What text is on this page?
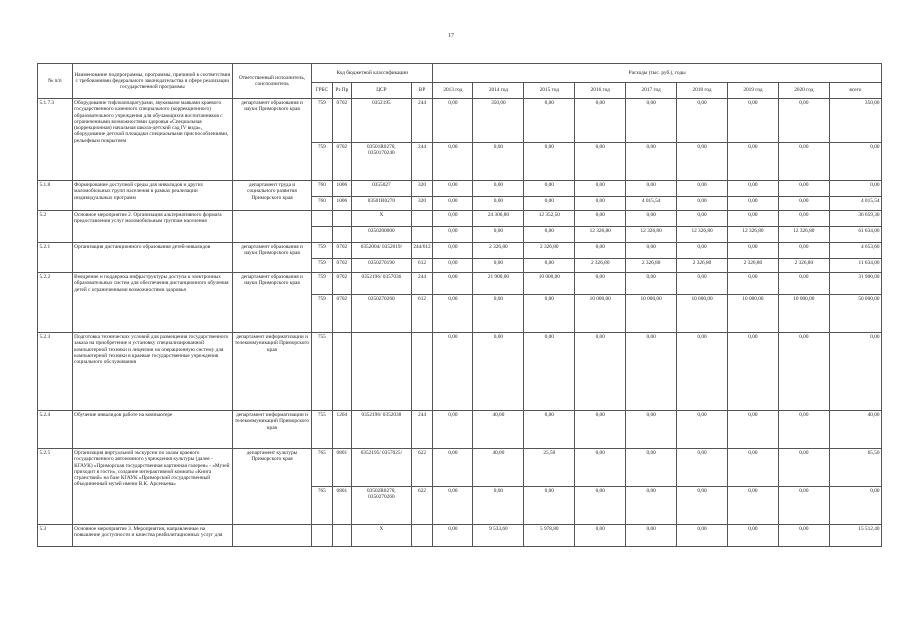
17
№ п/п	Наименование подпрограммы, программы, причиной в соответствии с требованиями федерального законодательства в сфере реализации государственной программы	Ответственный исполнитель, соисполнитель	Код бюджетной классификации				Расходы (тыс. руб.), годы								
			ГРБС	Рз Пр	ЦСР	ВР	2013 год	2014 год	2015 год	2016 год	2017 год	2018 год	2019 год	2020 год	всего
5.1.7.3	Оборудование тифлоаппаратурами, звуковыми маяками краевого государственного казенного специального (коррекционного) образовательного учреждения для обучающихся воспитанников с ограниченными возможностями здоровья «Специальная (коррекционная) начальная школа-детский сад IV вида», оборудование детской площадки специальными приспособлениями, рельефным покрытием	департамент образования и науки Приморского края	759	0702	0352195	244	0,00	350,00	0,00	0,00	0,00	0,00	0,00	0,00	350,00
			759	0702	03501R0270, 0350170240	244	0,00	0,00	0,00	0,00	0,00	0,00	0,00	0,00	0,00
5.1.8	Формирование доступной среды для инвалидов и других маломобильных групп населения в рамках реализации индивидуальных программ	департамент труда и социального развития Приморского края	760	1006	0355027	320	0,00	0,00	0,00	0,00	0,00	0,00	0,00	0,00	0,00
			760	1006	03501R0270	320	0,00	0,00	0,00	0,00	4 015,54	0,00	0,00	0,00	4 015,54
5.2	Основное мероприятие 2. Организация альтернативного формата предоставления услуг маломобильным группам населения				X		0,00	24 306,80	12 352,50	0,00	0,00	0,00	0,00	0,00	36 659,30
					0350200000		0,00	0,00	0,00	12 326,80	12 326,80	12 326,80	12 326,80	12 326,80	61 634,00
5.2.1	Организация дистанционного образования детей-инвалидов	департамент образования и науки Приморского края	759	0702	0352004/ 0352019/	244/612	0,00	2 326,80	2 326,80	0,00	0,00	0,00	0,00	0,00	4 653,60
			759	0702	0350270190	612	0,00	0,00	0,00	2 326,80	2 326,80	2 326,80	2 326,80	2 326,80	11 634,00
5.2.2	Внедрение и поддержка инфраструктуры доступа к электронных образовательных систем для обеспечения дистанционного обучения детей с ограниченными возможностями здоровья	департамент образования и науки Приморского края	759	0702	0352196/ 0357036	244	0,00	21 900,00	10 000,00	0,00	0,00	0,00	0,00	0,00	31 900,00
			759	0702	0350270260	612	0,00	0,00	0,00	10 000,00	10 000,00	10 000,00	10 000,00	10 000,00	50 000,00
5.2.3	Подготовка технических условий для размещения государственного заказа на приобретение и установку специализированной компьютерной техники и лицензии на операционную систему для компьютерной техники в краевые государственные учреждения социального обслуживания	департамент информатизации и телекоммуникаций Приморского края	755				0,00	0,00	0,00	0,00	0,00	0,00	0,00	0,00	0,00
5.2.4	Обучение инвалидов работе на компьютере	департамент информатизации и телекоммуникаций Приморского края	755	1204	0352196/ 0352038	244	0,00	40,00	0,00	0,00	0,00	0,00	0,00	0,00	40,00
5.2.5	Организация виртуальной экскурсии по залам краевого государственного автономного учреждения культуры (далее - КГАУК) «Приморская государственная картинная галерея» - «Музей приходит в гости», создание интерактивной комнаты «Книга странствий» на базе КГАУК «Приморский государственный объединенный музей имени В.К. Арсеньева»	департамент культуры Приморского края	765	0801	0352195/ 0357025/	622	0,00	40,00	25,50	0,00	0,00	0,00	0,00	0,00	65,50
			765	0801	03502R0270, 0350270260	622	0,00	0,00	0,00	0,00	0,00	0,00	0,00	0,00	0,00
5.3	Основное мероприятие 3. Мероприятия, направленные на повышение доступности и качества реабилитационных услуг для				X		0,00	9 533,60	5 978,80	0,00	0,00	0,00	0,00	0,00	15 512,40
